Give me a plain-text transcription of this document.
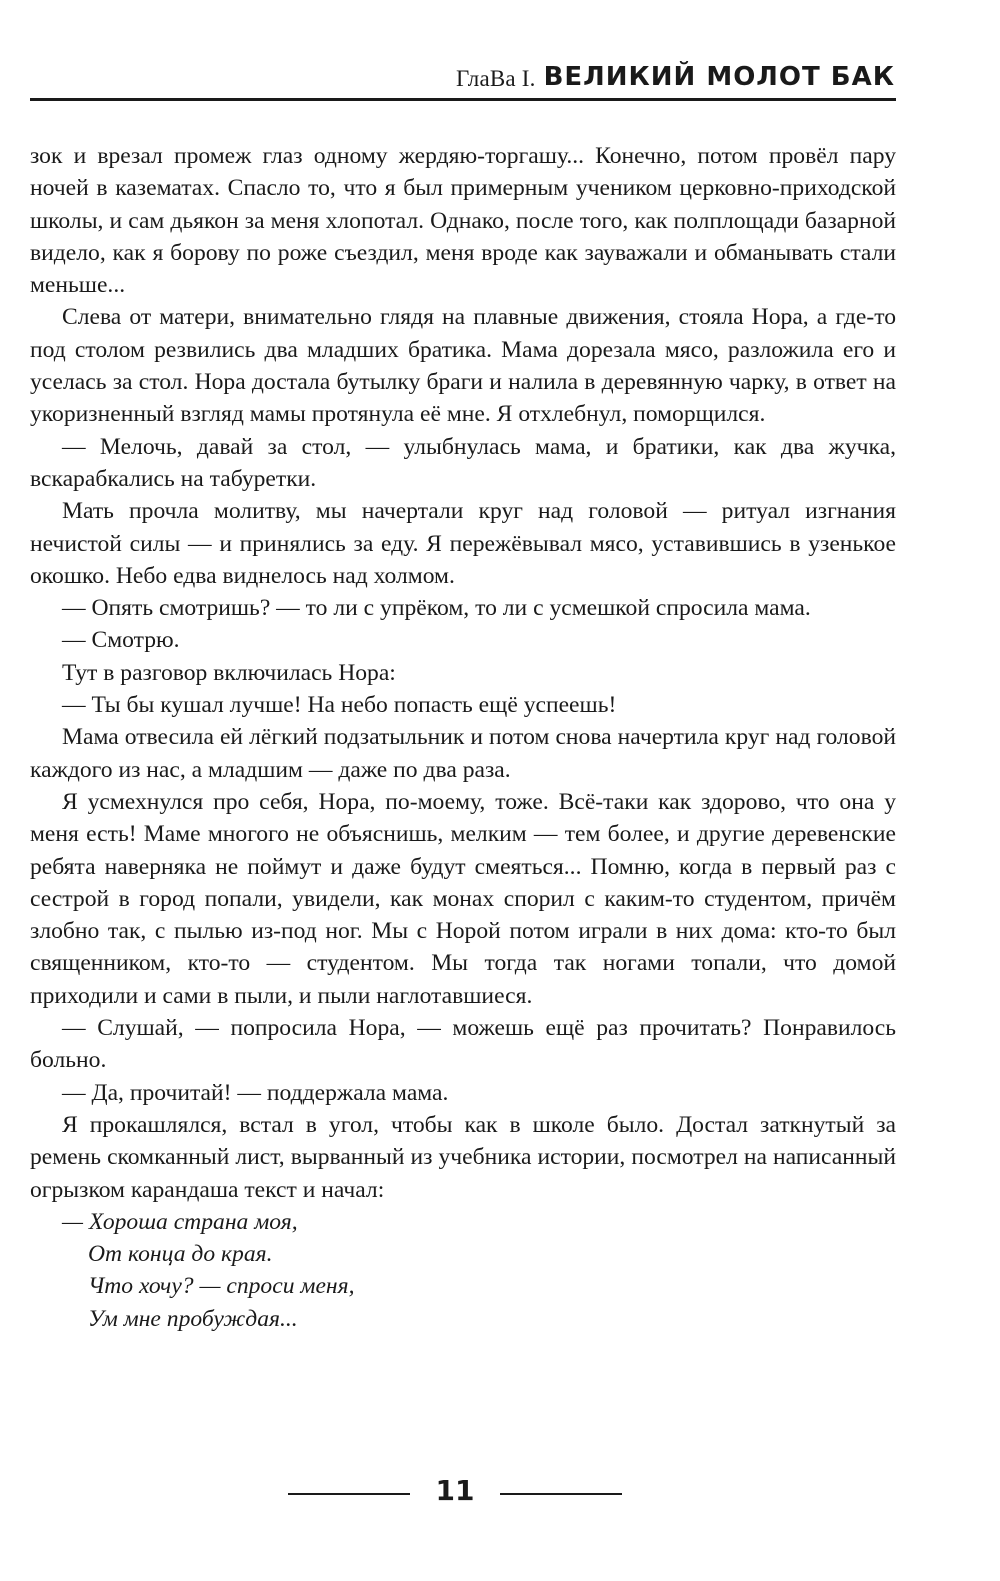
ГлаВа I. ВЕЛИКИЙ МОЛОТ БАК

зок и врезал промеж глаз одному жердяю-торгашу... Конечно, потом провёл пару ночей в казематах. Спасло то, что я был примерным учеником церковно-приходской школы, и сам дьякон за меня хлопотал. Однако, после того, как полплощади базарной видело, как я борову по роже съездил, меня вроде как зауважали и обманывать стали меньше...

Слева от матери, внимательно глядя на плавные движения, стояла Нора, а где-то под столом резвились два младших братика. Мама дорезала мясо, разложила его и уселась за стол. Нора достала бутылку браги и налила в деревянную чарку, в ответ на укоризненный взгляд мамы протянула её мне. Я отхлебнул, поморщился.

— Мелочь, давай за стол, — улыбнулась мама, и братики, как два жучка, вскарабкались на табуретки.

Мать прочла молитву, мы начертали круг над головой — ритуал изгнания нечистой силы — и принялись за еду. Я пережёвывал мясо, уставившись в узенькое окошко. Небо едва виднелось над холмом.

— Опять смотришь? — то ли с упрёком, то ли с усмешкой спросила мама.

— Смотрю.

Тут в разговор включилась Нора:

— Ты бы кушал лучше! На небо попасть ещё успеешь!

Мама отвесила ей лёгкий подзатыльник и потом снова начертила круг над головой каждого из нас, а младшим — даже по два раза.

Я усмехнулся про себя, Нора, по-моему, тоже. Всё-таки как здорово, что она у меня есть! Маме многого не объяснишь, мелким — тем более, и другие деревенские ребята наверняка не поймут и даже будут смеяться... Помню, когда в первый раз с сестрой в город попали, увидели, как монах спорил с каким-то студентом, причём злобно так, с пылью из-под ног. Мы с Норой потом играли в них дома: кто-то был священником, кто-то — студентом. Мы тогда так ногами топали, что домой приходили и сами в пыли, и пыли наглотавшиеся.

— Слушай, — попросила Нора, — можешь ещё раз прочитать? Понравилось больно.

— Да, прочитай! — поддержала мама.

Я прокашлялся, встал в угол, чтобы как в школе было. Достал заткнутый за ремень скомканный лист, вырванный из учебника истории, посмотрел на написанный огрызком карандаша текст и начал:

— Хороша страна моя,
От конца до края.
Что хочу? — спроси меня,
Ум мне пробуждая...
11
